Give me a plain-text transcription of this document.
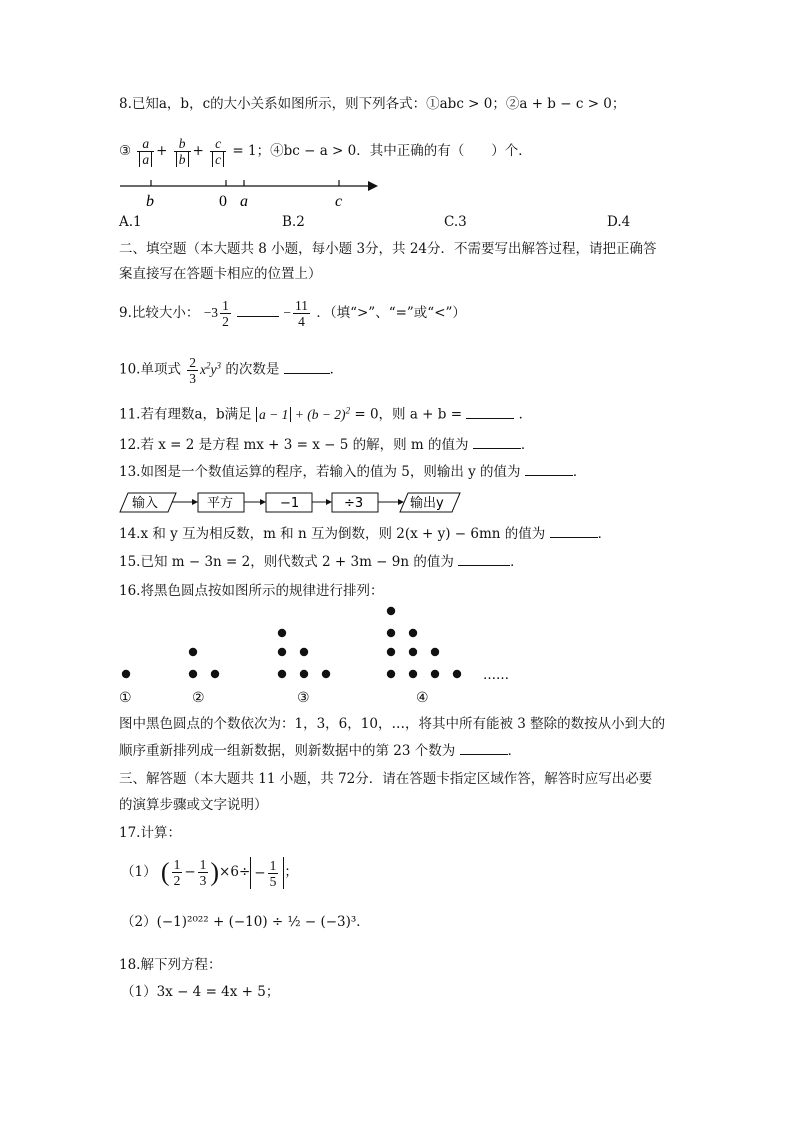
8.已知a，b，c的大小关系如图所示，则下列各式：①abc > 0；②a + b − c > 0；
③ $\frac{a}{a} + \frac{b}{b} + \frac{c}{c} = 1$；④bc − a > 0．其中正确的有（　　）个．
b	0 a	c
A.1	B.2	C.3	D.4
二、填空题（本大题共 8 小题，每小题 3分，共 24分．不需要写出解答过程，请把正确答
案直接写在答题卡相应的位置上）
9.比较大小： $-3 \frac{1}{2}$	− $\frac{11}{4}$ ．（填“>”、“=”或“<”）
10.单项式 $\frac{2}{3} x^2y^3$ 的次数是	．
11.若有理数a，b满足 $a - 1 + (b - 2)^2 = 0$，则 a + b =	．
12.若 x = 2 是方程 mx + 3 = x − 5 的解，则 m 的值为	．
13.如图是一个数值运算的程序，若输入的值为 5，则输出 y 的值为	．
输入	平方	−1	÷3	输出y
14.x 和 y 互为相反数，m 和 n 互为倒数，则 2(x + y) − 6mn 的值为	．
15.已知 m − 3n = 2，则代数式 2 + 3m − 9n 的值为	．
16.将黑色圆点按如图所示的规律进行排列：
……
①	②	③	④
图中黑色圆点的个数依次为：1，3，6，10，…，将其中所有能被 3 整除的数按从小到大的
顺序重新排列成一组新数据，则新数据中的第 23 个数为	．
三、解答题（本大题共 11 小题，共 72分．请在答题卡指定区域作答，解答时应写出必要
的演算步骤或文字说明）
17.计算：
（1） ( $\frac{1}{2} - \frac{1}{3} )\times 6\div - \frac{1}{5}$ ；
（2）(−1)²⁰²² + (−10) ÷ ½ − (−3)³．
18.解下列方程：
（1）3x − 4 = 4x + 5；
